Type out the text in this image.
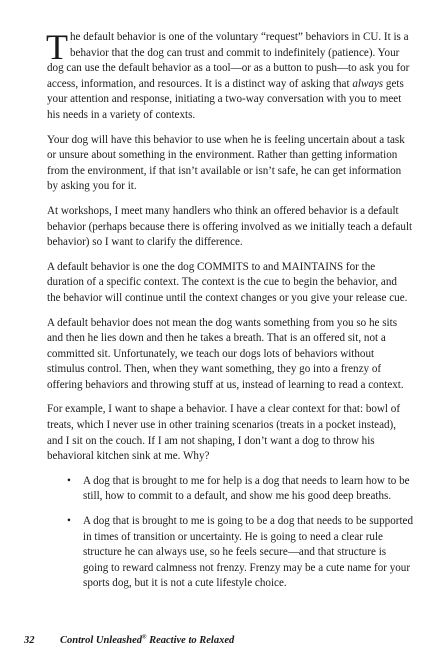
The default behavior is one of the voluntary “request” behaviors in CU. It is a behavior that the dog can trust and commit to indefinitely (patience). Your dog can use the default behavior as a tool—or as a button to push—to ask you for access, information, and resources. It is a distinct way of asking that always gets your attention and response, initiating a two-way conversation with you to meet his needs in a variety of contexts.

Your dog will have this behavior to use when he is feeling uncertain about a task or unsure about something in the environment. Rather than getting information from the environment, if that isn’t available or isn’t safe, he can get information by asking you for it.

At workshops, I meet many handlers who think an offered behavior is a default behavior (perhaps because there is offering involved as we initially teach a default behavior) so I want to clarify the difference.

A default behavior is one the dog COMMITS to and MAINTAINS for the duration of a specific context. The context is the cue to begin the behavior, and the behavior will continue until the context changes or you give your release cue.

A default behavior does not mean the dog wants something from you so he sits and then he lies down and then he takes a breath. That is an offered sit, not a committed sit. Unfortunately, we teach our dogs lots of behaviors without stimulus control. Then, when they want something, they go into a frenzy of offering behaviors and throwing stuff at us, instead of learning to read a context.

For example, I want to shape a behavior. I have a clear context for that: bowl of treats, which I never use in other training scenarios (treats in a pocket instead), and I sit on the couch. If I am not shaping, I don’t want a dog to throw his behavioral kitchen sink at me. Why?

• A dog that is brought to me for help is a dog that needs to learn how to be still, how to commit to a default, and show me his good deep breaths.
• A dog that is brought to me is going to be a dog that needs to be supported in times of transition or uncertainty. He is going to need a clear rule structure he can always use, so he feels secure—and that structure is going to reward calmness not frenzy. Frenzy may be a cute name for your sports dog, but it is not a cute lifestyle choice.
32 Control Unleashed® Reactive to Relaxed
